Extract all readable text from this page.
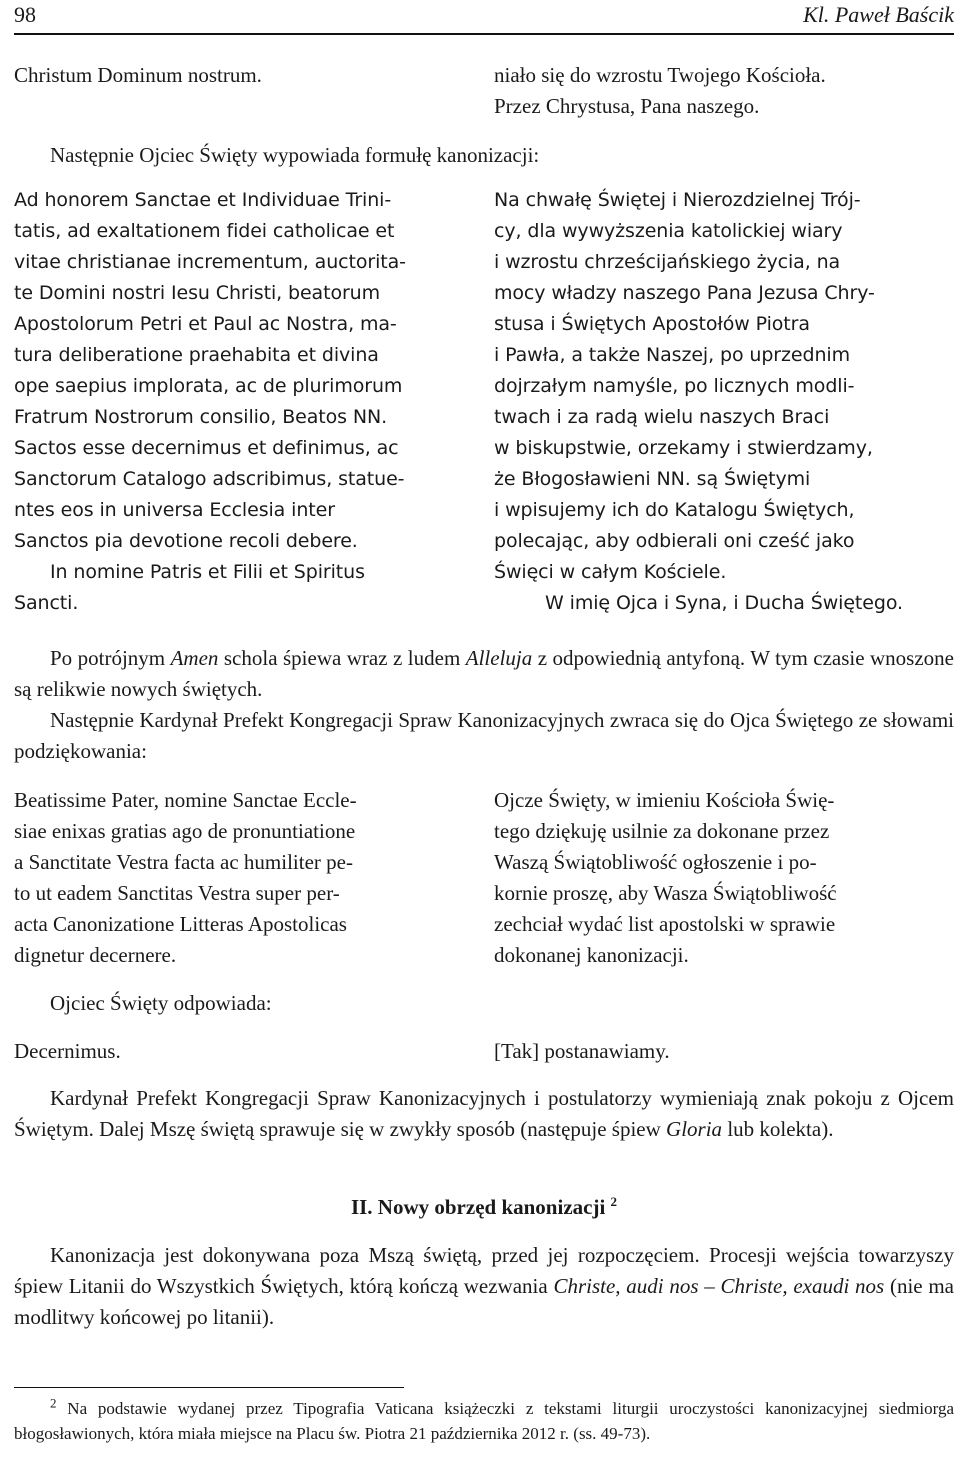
98	Kl. Paweł Baścik

Christum Dominum nostrum.	niało się do wzrostu Twojego Kościoła.

Przez Chrystusa, Pana naszego.

Następnie Ojciec Święty wypowiada formułę kanonizacji:

Ad honorem Sanctae et Individuae Trini-

tatis, ad exaltationem fidei catholicae et

vitae christianae incrementum, auctorita-

te Domini nostri Iesu Christi, beatorum

Apostolorum Petri et Paul ac Nostra, ma-

tura deliberatione praehabita et divina

ope saepius implorata, ac de plurimorum

Fratrum Nostrorum consilio, Beatos NN.

Sactos esse decernimus et definimus, ac

Sanctorum Catalogo adscribimus, statue-

ntes eos in universa Ecclesia inter

Sanctos pia devotione recoli debere.

In nomine Patris et Filii et Spiritus

Sancti.

Na chwałę Świętej i Nierozdzielnej Trój-

cy, dla wywyższenia katolickiej wiary

i wzrostu chrześcijańskiego życia, na

mocy władzy naszego Pana Jezusa Chry-

stusa i Świętych Apostołów Piotra

i Pawła, a także Naszej, po uprzednim

dojrzałym namyśle, po licznych modli-

twach i za radą wielu naszych Braci

w biskupstwie, orzekamy i stwierdzamy,

że Błogosławieni NN. są Świętymi

i wpisujemy ich do Katalogu Świętych,

polecając, aby odbierali oni cześć jako

Święci w całym Kościele.

W imię Ojca i Syna, i Ducha Świętego.

Po potrójnym Amen schola śpiewa wraz z ludem Alleluja z odpowiednią antyfoną. W tym czasie wnoszone są relikwie nowych świętych.

Następnie Kardynał Prefekt Kongregacji Spraw Kanonizacyjnych zwraca się do Ojca Świętego ze słowami podziękowania:

Beatissime Pater, nomine Sanctae Eccle-

siae enixas gratias ago de pronuntiatione

a Sanctitate Vestra facta ac humiliter pe-

to ut eadem Sanctitas Vestra super per-

acta Canonizatione Litteras Apostolicas

dignetur decernere.

Ojcze Święty, w imieniu Kościoła Świę-

tego dziękuję usilnie za dokonane przez

Waszą Świątobliwość ogłoszenie i po-

kornie proszę, aby Wasza Świątobliwość

zechciał wydać list apostolski w sprawie

dokonanej kanonizacji.

Ojciec Święty odpowiada:

Decernimus.	[Tak] postanawiamy.

Kardynał Prefekt Kongregacji Spraw Kanonizacyjnych i postulatorzy wymieniają znak pokoju z Ojcem Świętym. Dalej Mszę świętą sprawuje się w zwykły sposób (następuje śpiew Gloria lub kolekta).

II. Nowy obrzęd kanonizacji $^2$

Kanonizacja jest dokonywana poza Mszą świętą, przed jej rozpoczęciem. Procesji wejścia towarzyszy śpiew Litanii do Wszystkich Świętych, którą kończą wezwania Christe, audi nos – Christe, exaudi nos (nie ma modlitwy końcowej po litanii).

$^2$ Na podstawie wydanej przez Tipografia Vaticana książeczki z tekstami liturgii uroczystości kanonizacyjnej siedmiorga błogosławionych, która miała miejsce na Placu św. Piotra 21 października 2012 r. (ss. 49-73).
